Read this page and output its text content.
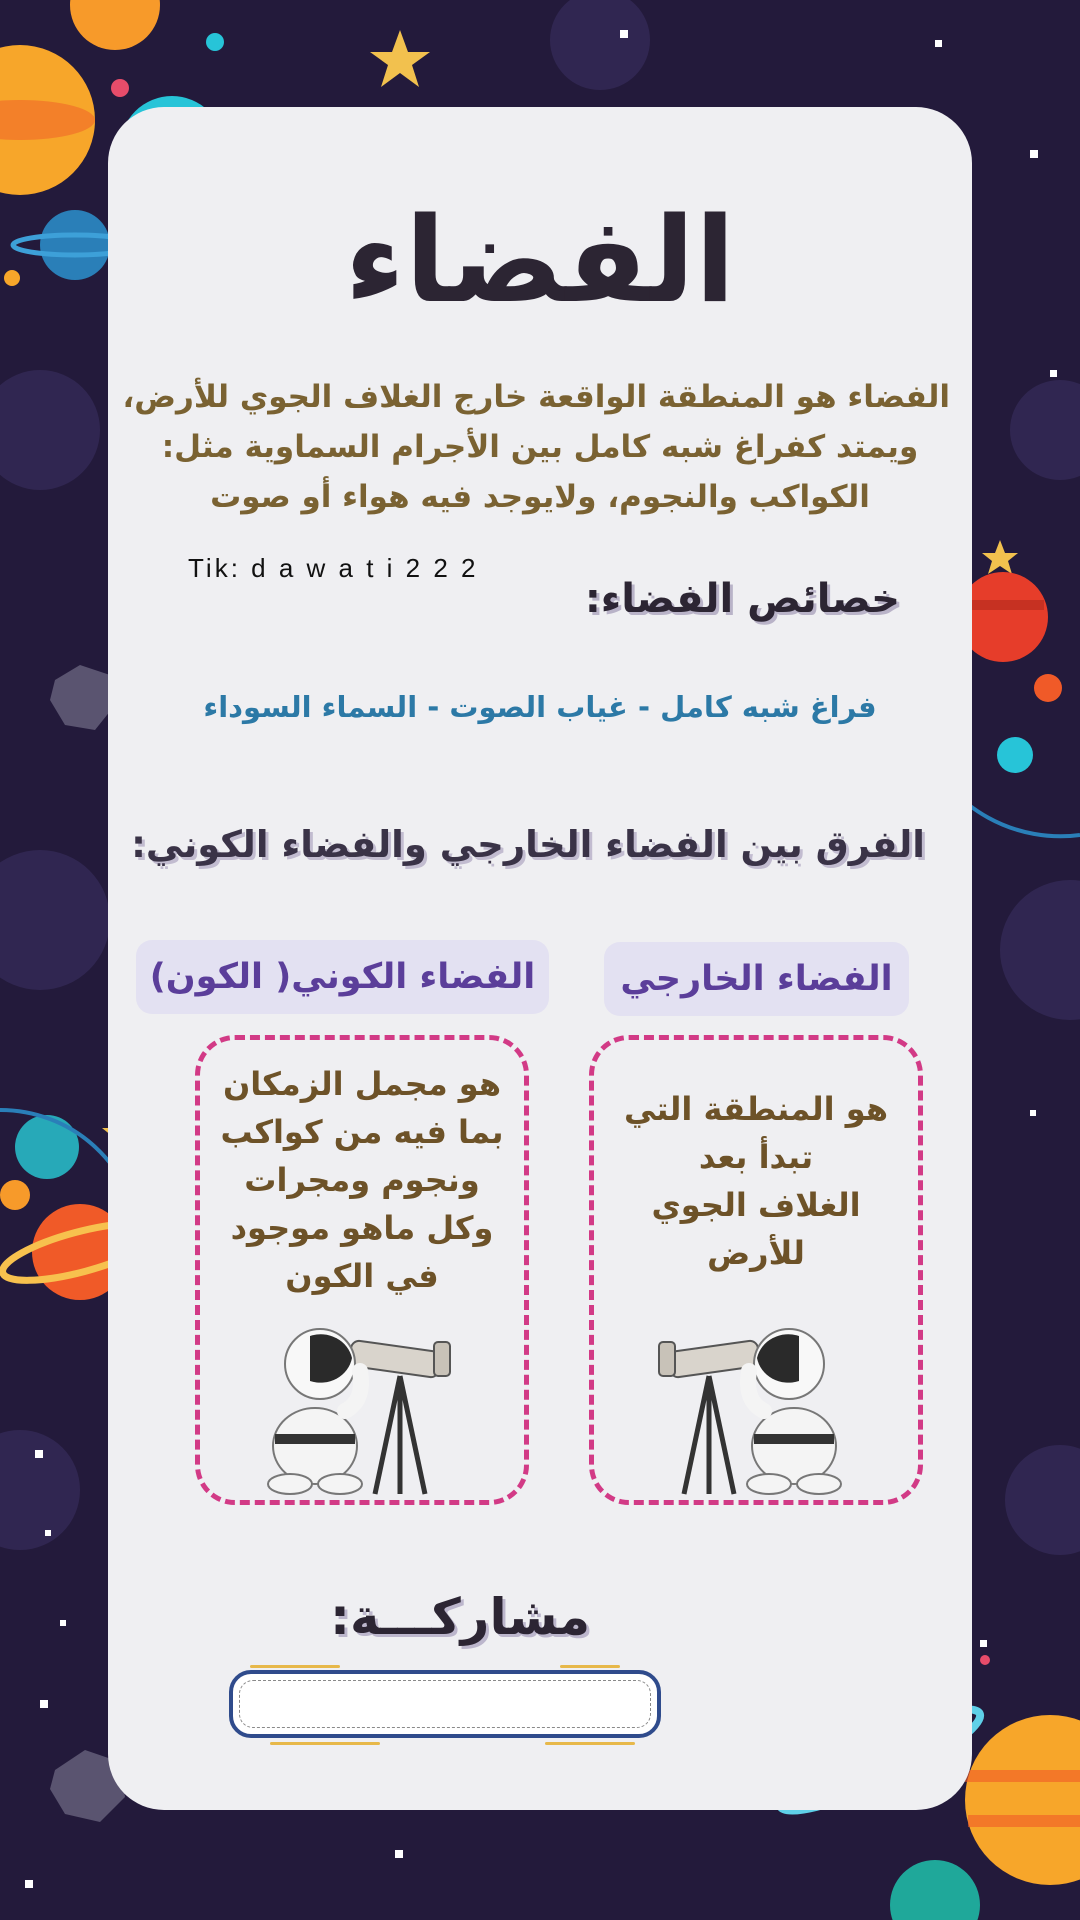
الفضاء
الفضاء هو المنطقة الواقعة خارج الغلاف الجوي للأرض،
ويمتد كفراغ شبه كامل بين الأجرام السماوية مثل:
الكواكب والنجوم، ولايوجد فيه هواء أو صوت
Tik: d a w a t i 2 2 2
خصائص الفضاء:
فراغ شبه كامل - غياب الصوت - السماء السوداء
الفرق بين الفضاء الخارجي والفضاء الكوني:
الفضاء الكوني( الكون)	الفضاء الخارجي
هو مجمل الزمكان
بما فيه من كواكب
ونجوم ومجرات
وكل ماهو موجود
في الكون
هو المنطقة التي
تبدأ بعد
الغلاف الجوي
للأرض
مشاركـــة:
